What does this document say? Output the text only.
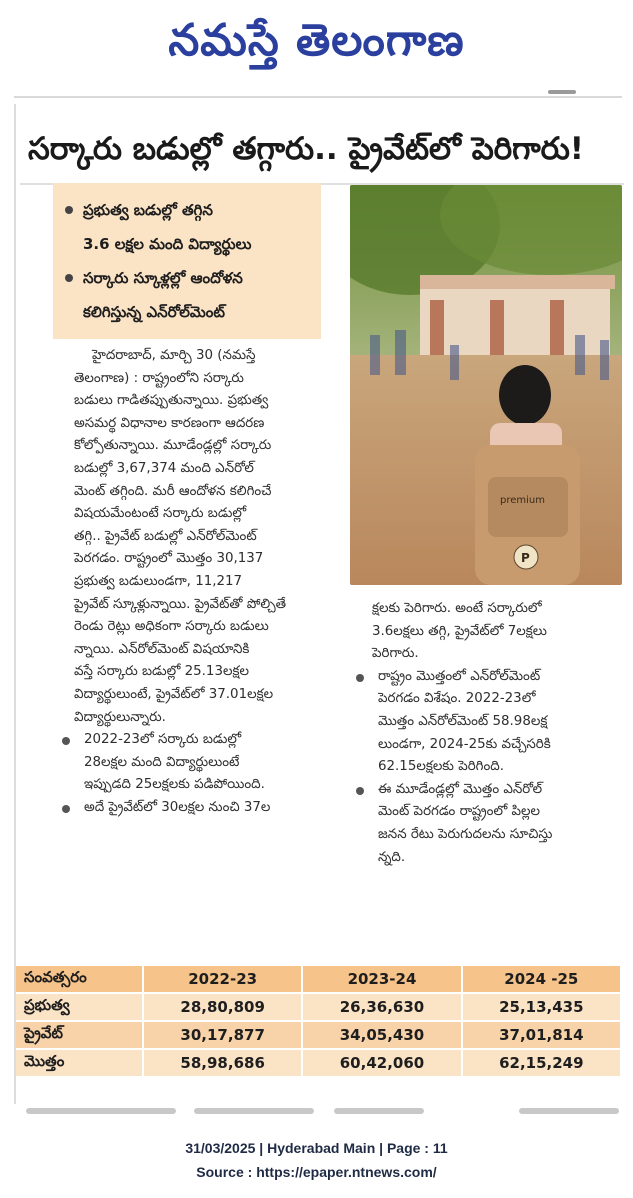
నమస్తే తెలంగాణ
సర్కారు బడుల్లో తగ్గారు.. ప్రైవేట్‌లో పెరిగారు!
ప్రభుత్వ బడుల్లో తగ్గిన
3.6 లక్షల మంది విద్యార్థులు
సర్కారు స్కూళ్లల్లో ఆందోళన
కలిగిస్తున్న ఎన్‌రోల్‌మెంట్
premium
P
హైదరాబాద్, మార్చి 30 (నమస్తే
తెలంగాణ) : రాష్ట్రంలోని సర్కారు
బడులు గాడితప్పుతున్నాయి. ప్రభుత్వ
అసమర్థ విధానాల కారణంగా ఆదరణ
కోల్పోతున్నాయి. మూడేండ్లల్లో సర్కారు
బడుల్లో 3,67,374 మంది ఎన్‌రోల్
మెంట్ తగ్గింది. మరీ ఆందోళన కలిగించే
విషయమేంటంటే సర్కారు బడుల్లో
తగ్గి.. ప్రైవేట్ బడుల్లో ఎన్‌రోల్‌మెంట్
పెరగడం. రాష్ట్రంలో మొత్తం 30,137
ప్రభుత్వ బడులుండగా, 11,217
ప్రైవేట్ స్కూళ్లున్నాయి. ప్రైవేట్‌తో పోల్చితే
రెండు రెట్లు అధికంగా సర్కారు బడులు
న్నాయి. ఎన్‌రోల్‌మెంట్ విషయానికి
వస్తే సర్కారు బడుల్లో 25.13లక్షల
విద్యార్థులుంటే, ప్రైవేట్‌లో 37.01లక్షల
విద్యార్థులున్నారు.
2022-23లో సర్కారు బడుల్లో
28లక్షల మంది విద్యార్థులుంటే
ఇప్పుడది 25లక్షలకు పడిపోయింది.
అదే ప్రైవేట్‌లో 30లక్షల నుంచి 37ల
క్షలకు పెరిగారు. అంటే సర్కారులో
3.6లక్షలు తగ్గి, ప్రైవేట్‌లో 7లక్షలు
పెరిగారు.
రాష్ట్రం మొత్తంలో ఎన్‌రోల్‌మెంట్
పెరగడం విశేషం. 2022-23లో
మొత్తం ఎన్‌రోల్‌మెంట్ 58.98లక్ష
లుండగా, 2024-25కు వచ్చేసరికి
62.15లక్షలకు పెరిగింది.
ఈ మూడేండ్లల్లో మొత్తం ఎన్‌రోల్
మెంట్ పెరగడం రాష్ట్రంలో పిల్లల
జనన రేటు పెరుగుదలను సూచిస్తు
న్నది.
సంవత్సరం	2022-23	2023-24	2024 -25
ప్రభుత్వ	28,80,809	26,36,630	25,13,435
ప్రైవేట్	30,17,877	34,05,430	37,01,814
మొత్తం	58,98,686	60,42,060	62,15,249
31/03/2025 | Hyderabad Main | Page : 11
Source : https://epaper.ntnews.com/
